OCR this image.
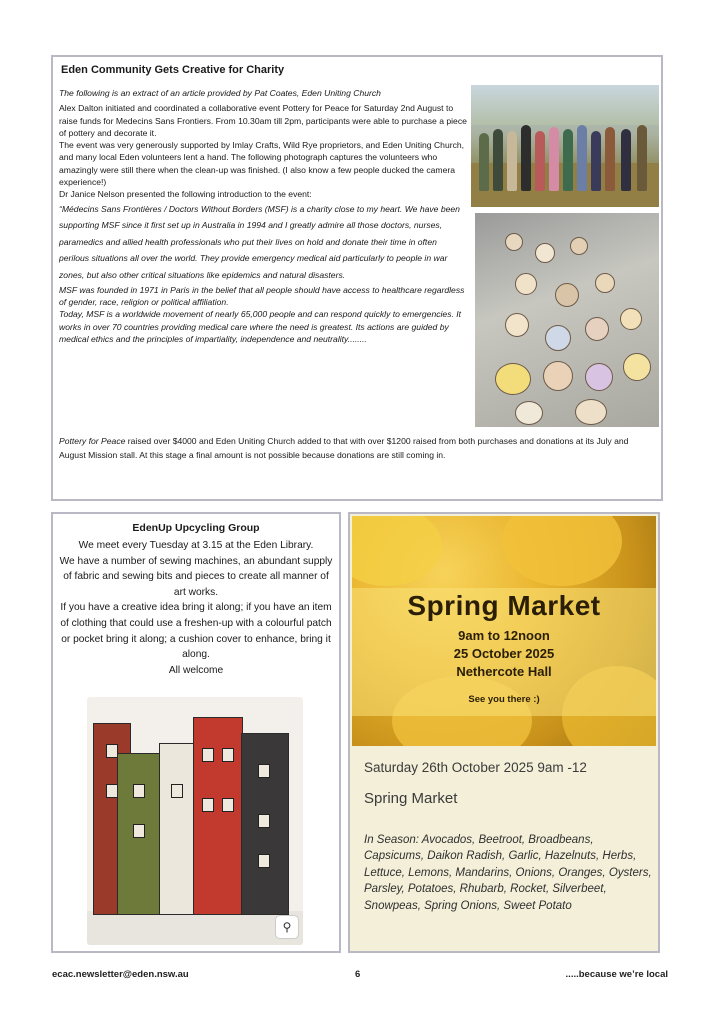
Eden Community Gets Creative for Charity

The following is an extract of an article provided by Pat Coates, Eden Uniting Church

Alex Dalton initiated and coordinated a collaborative event Pottery for Peace for Saturday 2nd August to raise funds for Medecins Sans Frontiers. From 10.30am till 2pm, participants were able to purchase a piece of pottery and decorate it.

The event was very generously supported by Imlay Crafts, Wild Rye proprietors, and Eden Uniting Church, and many local Eden volunteers lent a hand. The following photograph captures the volunteers who amazingly were still there when the clean-up was finished. (I also know a few people ducked the camera experience!)

Dr Janice Nelson presented the following introduction to the event:

“Médecins Sans Frontières / Doctors Without Borders (MSF) is a charity close to my heart. We have been supporting MSF since it first set up in Australia in 1994 and I greatly admire all those doctors, nurses, paramedics and allied health professionals who put their lives on hold and donate their time in often perilous situations all over the world. They provide emergency medical aid particularly to people in war zones, but also other critical situations like epidemics and natural disasters.

MSF was founded in 1971 in Paris in the belief that all people should have access to healthcare regardless of gender, race, religion or political affiliation.

Today, MSF is a worldwide movement of nearly 65,000 people and can respond quickly to emergencies. It works in over 70 countries providing medical care where the need is greatest. Its actions are guided by medical ethics and the principles of impartiality, independence and neutrality........

Pottery for Peace raised over $4000 and Eden Uniting Church added to that with over $1200 raised from both purchases and donations at its July and August Mission stall. At this stage a final amount is not possible because donations are still coming in.
EdenUp Upcycling Group

We meet every Tuesday at 3.15 at the Eden Library.

We have a number of sewing machines, an abundant supply of fabric and sewing bits and pieces to create all manner of art works.

If you have a creative idea bring it along; if you have an item of clothing that could use a freshen-up with a colourful patch or pocket bring it along; a cushion cover to enhance, bring it along.

All welcome

⚲
Spring Market
9am to 12noon
25 October 2025
Nethercote Hall
See you there :)
Saturday 26th October 2025 9am -12
Spring Market
In Season: Avocados, Beetroot, Broadbeans, Capsicums, Daikon Radish, Garlic, Hazelnuts, Herbs, Lettuce, Lemons, Mandarins, Onions, Oranges, Oysters, Parsley, Potatoes, Rhubarb, Rocket, Silverbeet, Snowpeas, Spring Onions, Sweet Potato
ecac.newsletter@eden.nsw.au	6	.....because we’re local
